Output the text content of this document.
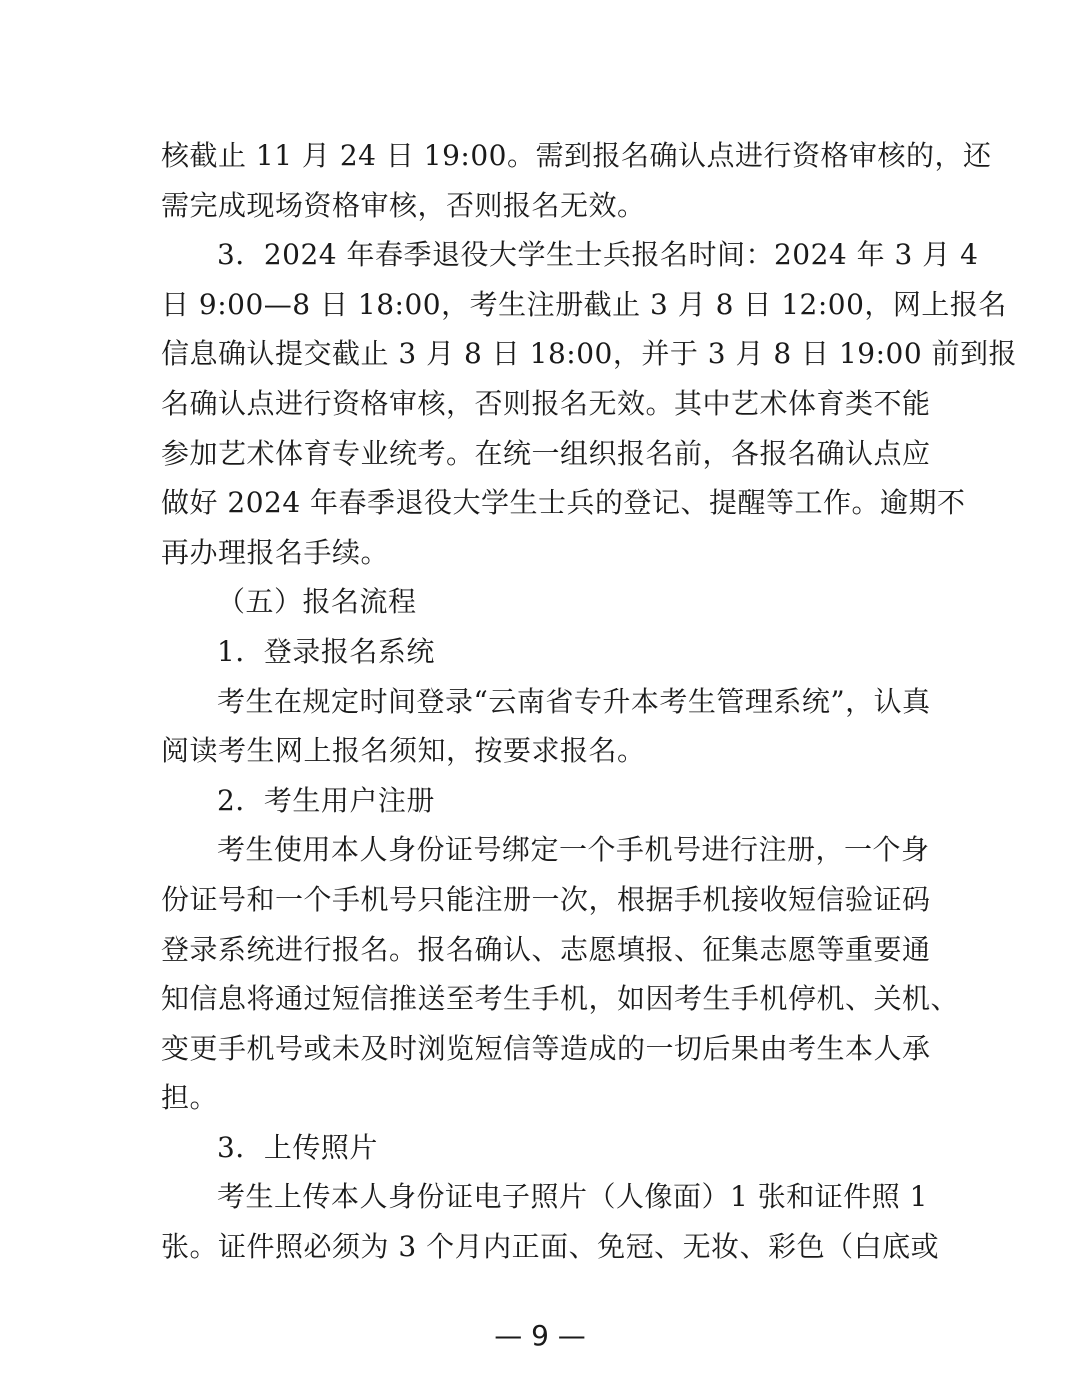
核截止 11 月 24 日 19:00。需到报名确认点进行资格审核的，还
需完成现场资格审核，否则报名无效。
3．2024 年春季退役大学生士兵报名时间：2024 年 3 月 4
日 9:00—8 日 18:00，考生注册截止 3 月 8 日 12:00，网上报名
信息确认提交截止 3 月 8 日 18:00，并于 3 月 8 日 19:00 前到报
名确认点进行资格审核，否则报名无效。其中艺术体育类不能
参加艺术体育专业统考。在统一组织报名前，各报名确认点应
做好 2024 年春季退役大学生士兵的登记、提醒等工作。逾期不
再办理报名手续。
（五）报名流程
1．登录报名系统
考生在规定时间登录“云南省专升本考生管理系统”，认真
阅读考生网上报名须知，按要求报名。
2．考生用户注册
考生使用本人身份证号绑定一个手机号进行注册，一个身
份证号和一个手机号只能注册一次，根据手机接收短信验证码
登录系统进行报名。报名确认、志愿填报、征集志愿等重要通
知信息将通过短信推送至考生手机，如因考生手机停机、关机、
变更手机号或未及时浏览短信等造成的一切后果由考生本人承
担。
3．上传照片
考生上传本人身份证电子照片（人像面）1 张和证件照 1
张。证件照必须为 3 个月内正面、免冠、无妆、彩色（白底或
— 9 —
